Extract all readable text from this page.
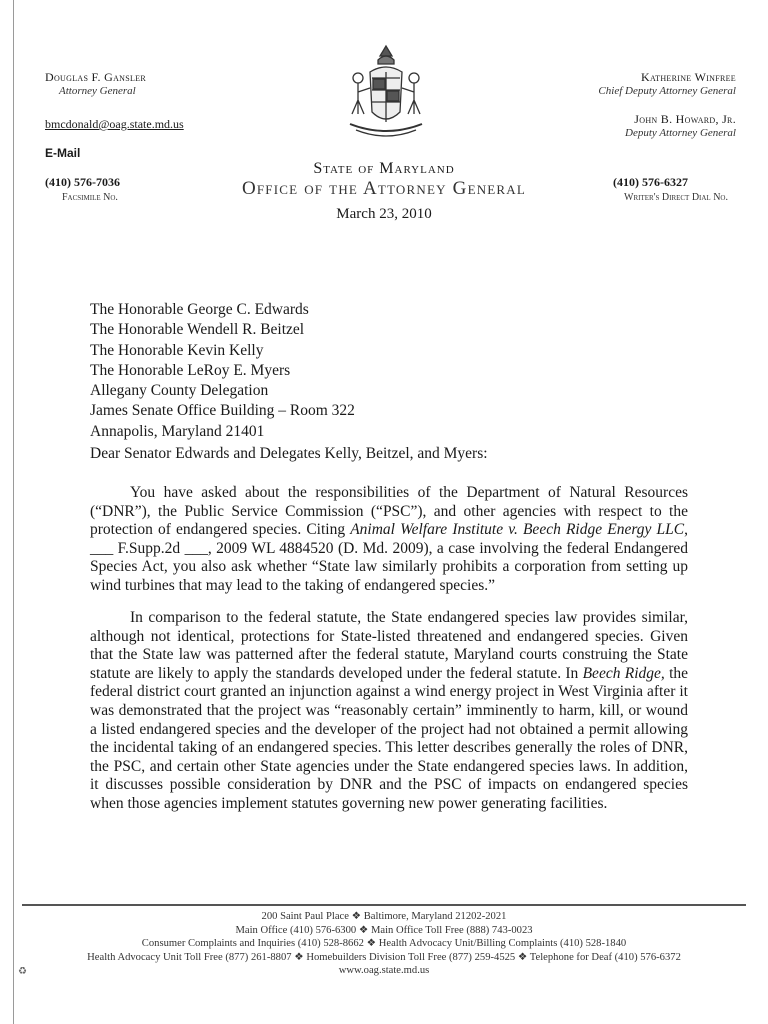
Douglas F. Gansler
Attorney General
bmcdonald@oag.state.md.us
E-Mail
(410) 576-7036
Facsimile No.
State of Maryland
Office of the Attorney General
March 23, 2010
Katherine Winfree
Chief Deputy Attorney General
John B. Howard, Jr.
Deputy Attorney General
(410) 576-6327
Writer's Direct Dial No.
The Honorable George C. Edwards
The Honorable Wendell R. Beitzel
The Honorable Kevin Kelly
The Honorable LeRoy E. Myers
Allegany County Delegation
James Senate Office Building – Room 322
Annapolis, Maryland 21401
Dear Senator Edwards and Delegates Kelly, Beitzel, and Myers:

You have asked about the responsibilities of the Department of Natural Resources (“DNR”), the Public Service Commission (“PSC”), and other agencies with respect to the protection of endangered species. Citing Animal Welfare Institute v. Beech Ridge Energy LLC, ___ F.Supp.2d ___, 2009 WL 4884520 (D. Md. 2009), a case involving the federal Endangered Species Act, you also ask whether “State law similarly prohibits a corporation from setting up wind turbines that may lead to the taking of endangered species.”

In comparison to the federal statute, the State endangered species law provides similar, although not identical, protections for State-listed threatened and endangered species. Given that the State law was patterned after the federal statute, Maryland courts construing the State statute are likely to apply the standards developed under the federal statute. In Beech Ridge, the federal district court granted an injunction against a wind energy project in West Virginia after it was demonstrated that the project was “reasonably certain” imminently to harm, kill, or wound a listed endangered species and the developer of the project had not obtained a permit allowing the incidental taking of an endangered species. This letter describes generally the roles of DNR, the PSC, and certain other State agencies under the State endangered species laws. In addition, it discusses possible consideration by DNR and the PSC of impacts on endangered species when those agencies implement statutes governing new power generating facilities.

200 Saint Paul Place ❖ Baltimore, Maryland 21202-2021
Main Office (410) 576-6300 ❖ Main Office Toll Free (888) 743-0023
Consumer Complaints and Inquiries (410) 528-8662 ❖ Health Advocacy Unit/Billing Complaints (410) 528-1840
Health Advocacy Unit Toll Free (877) 261-8807 ❖ Homebuilders Division Toll Free (877) 259-4525 ❖ Telephone for Deaf (410) 576-6372
www.oag.state.md.us
♻
